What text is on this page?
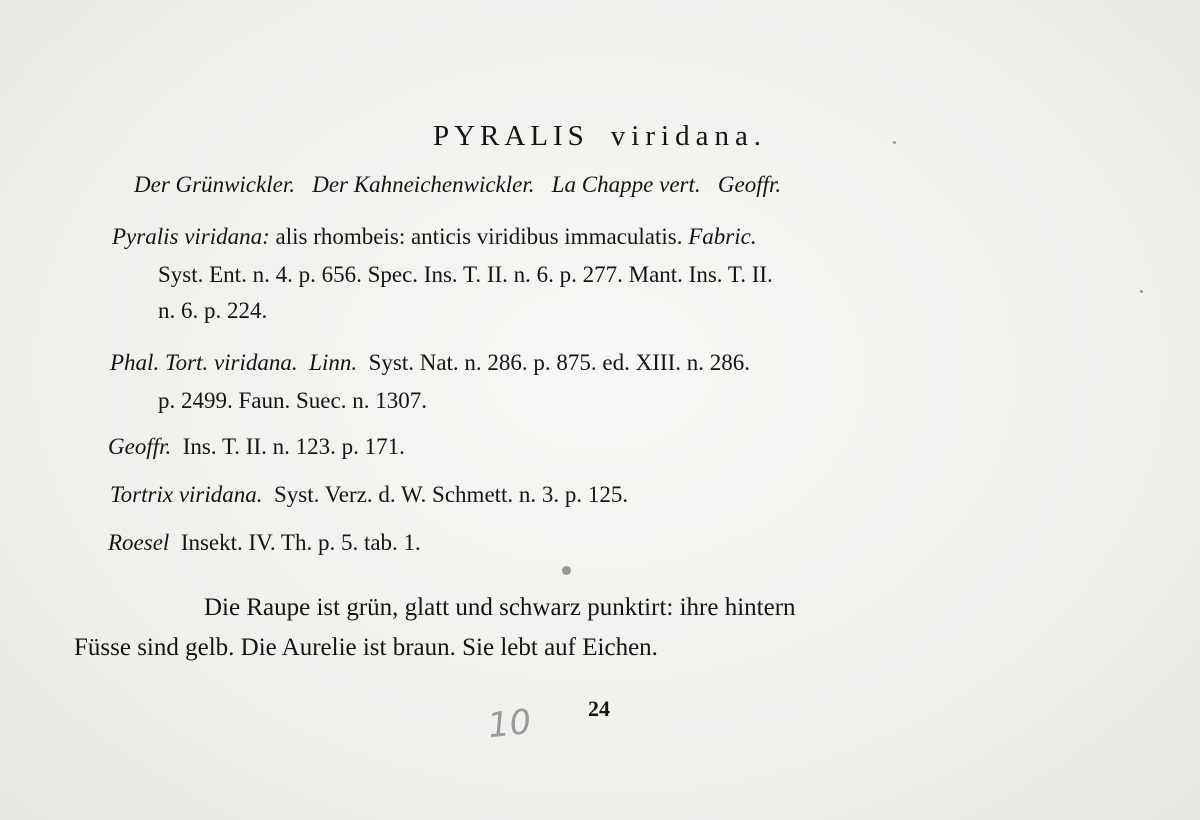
PYRALIS viridana.
Der Grünwickler. Der Kahneichenwickler. La Chappe vert. Geoffr.
Pyralis viridana: alis rhombeis: anticis viridibus immaculatis. Fabric.
Syst. Ent. n. 4. p. 656. Spec. Ins. T. II. n. 6. p. 277. Mant. Ins. T. II.
n. 6. p. 224.
Phal. Tort. viridana. Linn. Syst. Nat. n. 286. p. 875. ed. XIII. n. 286.
p. 2499. Faun. Suec. n. 1307.
Geoffr. Ins. T. II. n. 123. p. 171.
Tortrix viridana. Syst. Verz. d. W. Schmett. n. 3. p. 125.
Roesel Insekt. IV. Th. p. 5. tab. 1.
Die Raupe ist grün, glatt und schwarz punktirt: ihre hintern
Füsse sind gelb. Die Aurelie ist braun. Sie lebt auf Eichen.
24
10
